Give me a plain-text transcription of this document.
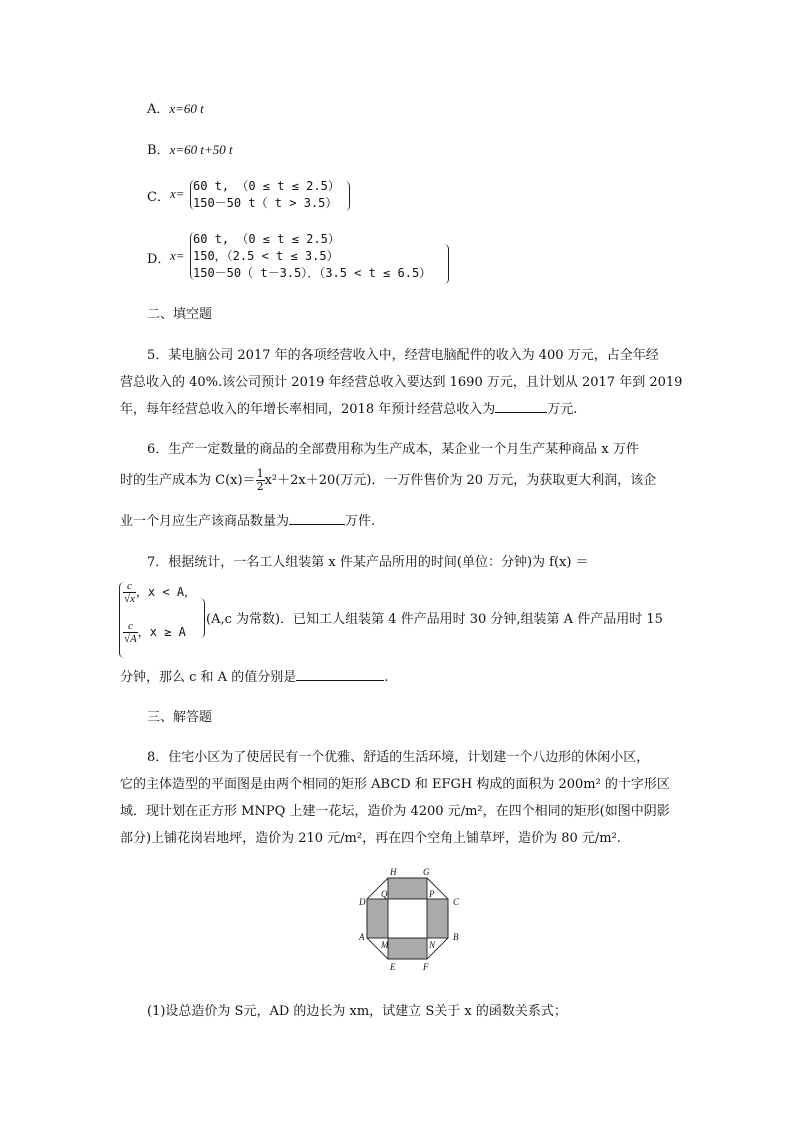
A．x=60 t
B．x=60 t+50 t
C． x= 60 t, （0 ≤ t ≤ 2.5）
150－50 t（ t > 3.5）
D． x=
60 t, （0 ≤ t ≤ 2.5）
150，（2.5 < t ≤ 3.5）
150－50（ t－3.5）．（3.5 < t ≤ 6.5）
二、填空题
5．某电脑公司 2017 年的各项经营收入中，经营电脑配件的收入为 400 万元，占全年经
营总收入的 40%.该公司预计 2019 年经营总收入要达到 1690 万元，且计划从 2017 年到 2019
年，每年经营总收入的年增长率相同，2018 年预计经营总收入为	万元.
6．生产一定数量的商品的全部费用称为生产成本，某企业一个月生产某种商品 x 万件
时的生产成本为 $C(x)= \frac{1}{2} x^2+2x+20$(万元)．一万件售价为 20 万元，为获取更大利润，该企
业一个月应生产该商品数量为	万件.
7．根据统计，一名工人组装第 x 件某产品所用的时间(单位：分钟)为 f(x) ＝
$\frac{c}{√x}$ ，x < A，
$\frac{c}{√A}$ ，x ≥ A
(A,c 为常数)．已知工人组装第 4 件产品用时 30 分钟,组装第 A 件产品用时 15
分钟，那么 c 和 A 的值分别是	.
三、解答题
8．住宅小区为了使居民有一个优雅、舒适的生活环境，计划建一个八边形的休闲小区，
它的主体造型的平面图是由两个相同的矩形 ABCD 和 EFGH 构成的面积为 200m² 的十字形区
域．现计划在正方形 MNPQ 上建一花坛，造价为 4200 元/m²，在四个相同的矩形(如图中阴影
部分)上铺花岗岩地坪，造价为 210 元/m²，再在四个空角上铺草坪，造价为 80 元/m².
H	G
D
Q	P
C
A
M	N
B
E	F
(1)设总造价为 S元，AD 的边长为 xm，试建立 S关于 x 的函数关系式；
